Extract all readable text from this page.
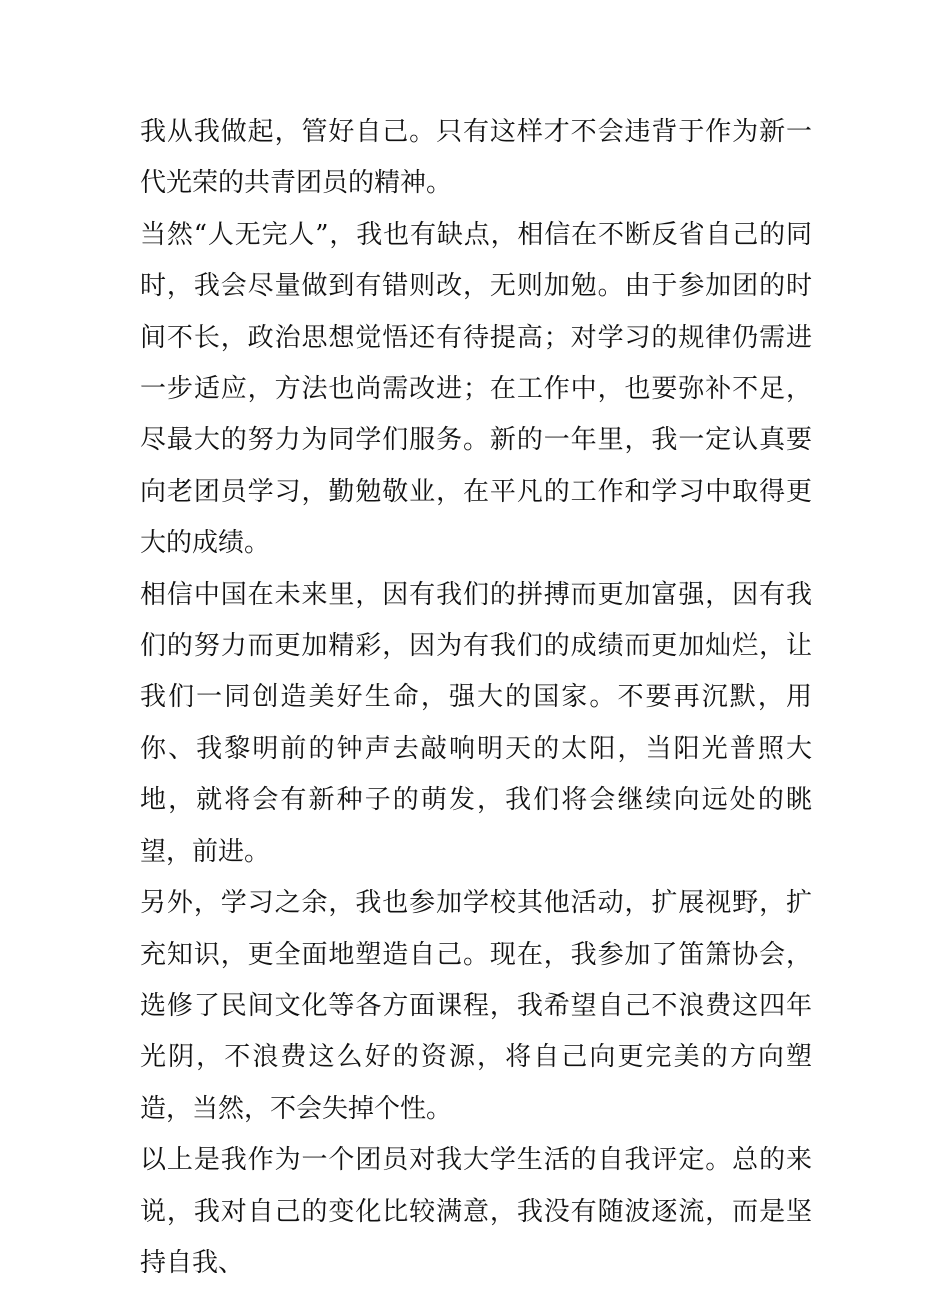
我从我做起，管好自己。只有这样才不会违背于作为新一代光荣的共青团员的精神。

当然“人无完人”，我也有缺点，相信在不断反省自己的同时，我会尽量做到有错则改，无则加勉。由于参加团的时间不长，政治思想觉悟还有待提高；对学习的规律仍需进一步适应，方法也尚需改进；在工作中，也要弥补不足，尽最大的努力为同学们服务。新的一年里，我一定认真要向老团员学习，勤勉敬业，在平凡的工作和学习中取得更大的成绩。

相信中国在未来里，因有我们的拼搏而更加富强，因有我们的努力而更加精彩，因为有我们的成绩而更加灿烂，让我们一同创造美好生命，强大的国家。不要再沉默，用你、我黎明前的钟声去敲响明天的太阳，当阳光普照大地，就将会有新种子的萌发，我们将会继续向远处的眺望，前进。

另外，学习之余，我也参加学校其他活动，扩展视野，扩充知识，更全面地塑造自己。现在，我参加了笛箫协会，选修了民间文化等各方面课程，我希望自己不浪费这四年光阴，不浪费这么好的资源，将自己向更完美的方向塑造，当然，不会失掉个性。

以上是我作为一个团员对我大学生活的自我评定。总的来说，我对自己的变化比较满意，我没有随波逐流，而是坚持自我、
